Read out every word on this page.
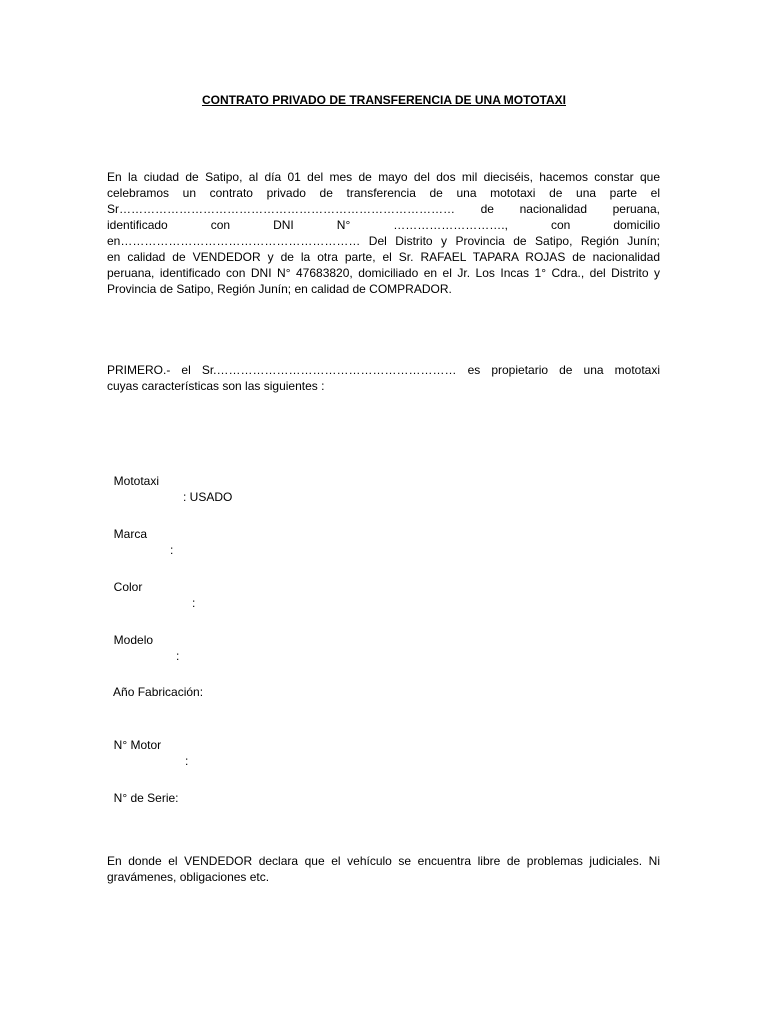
CONTRATO PRIVADO DE TRANSFERENCIA DE UNA MOTOTAXI
En la ciudad de Satipo, al día 01 del mes de mayo del dos mil dieciséis, hacemos constar que
celebramos un contrato privado de transferencia de una mototaxi de una parte el
Sr………………………………………………………………………… de nacionalidad peruana,
identificado con DNI N° ………………………., con domicilio
en…………………………………………………… Del Distrito y Provincia de Satipo, Región Junín;
en calidad de VENDEDOR y de la otra parte, el Sr. RAFAEL TAPARA ROJAS de nacionalidad
peruana, identificado con DNI N° 47683820, domiciliado en el Jr. Los Incas 1° Cdra., del Distrito y
Provincia de Satipo, Región Junín; en calidad de COMPRADOR.
PRIMERO.- el Sr.…………………………………………………… es propietario de una mototaxi
cuyas características son las siguientes :

Mototaxi

: USADO

Marca

:

Color

:

Modelo

:

Año Fabricación:

N° Motor

:

N° de Serie:

En donde el VENDEDOR declara que el vehículo se encuentra libre de problemas judiciales. Ni
gravámenes, obligaciones etc.
